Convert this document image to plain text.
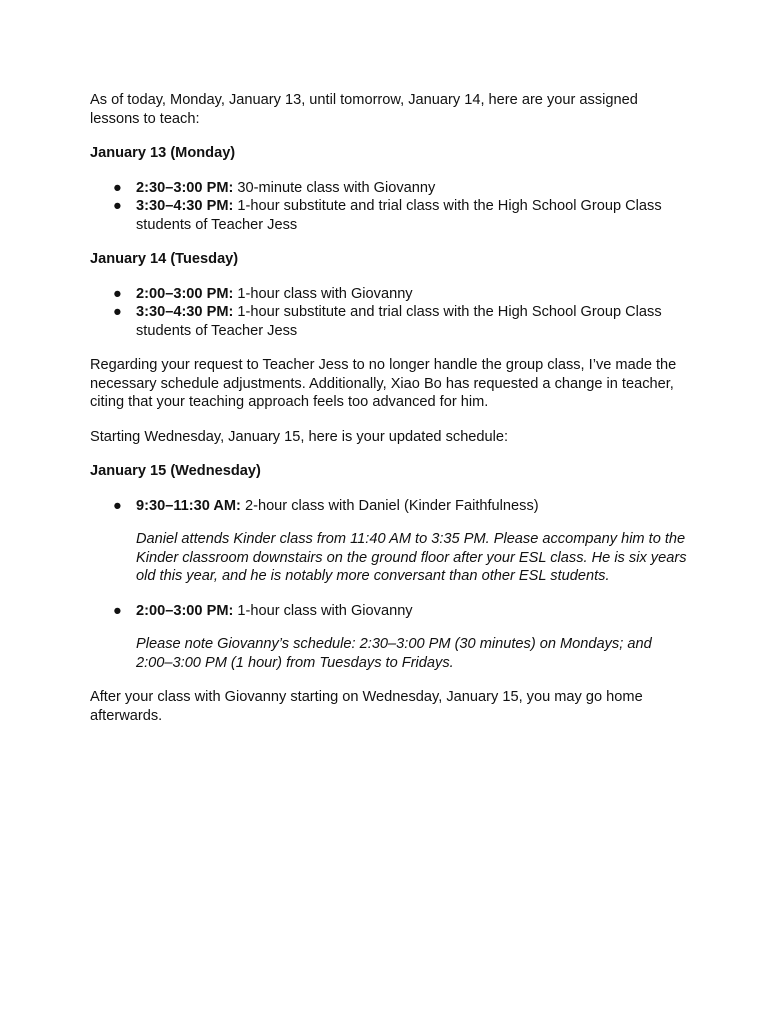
As of today, Monday, January 13, until tomorrow, January 14, here are your assigned lessons to teach:

January 13 (Monday)

● 2:30–3:00 PM: 30-minute class with Giovanny
● 3:30–4:30 PM: 1-hour substitute and trial class with the High School Group Class students of Teacher Jess

January 14 (Tuesday)

● 2:00–3:00 PM: 1-hour class with Giovanny
● 3:30–4:30 PM: 1-hour substitute and trial class with the High School Group Class students of Teacher Jess

Regarding your request to Teacher Jess to no longer handle the group class, I’ve made the necessary schedule adjustments. Additionally, Xiao Bo has requested a change in teacher, citing that your teaching approach feels too advanced for him.

Starting Wednesday, January 15, here is your updated schedule:

January 15 (Wednesday)

● 9:30–11:30 AM: 2-hour class with Daniel (Kinder Faithfulness)

Daniel attends Kinder class from 11:40 AM to 3:35 PM. Please accompany him to the Kinder classroom downstairs on the ground floor after your ESL class. He is six years old this year, and he is notably more conversant than other ESL students.

● 2:00–3:00 PM: 1-hour class with Giovanny

Please note Giovanny’s schedule: 2:30–3:00 PM (30 minutes) on Mondays; and 2:00–3:00 PM (1 hour) from Tuesdays to Fridays.

After your class with Giovanny starting on Wednesday, January 15, you may go home afterwards.
